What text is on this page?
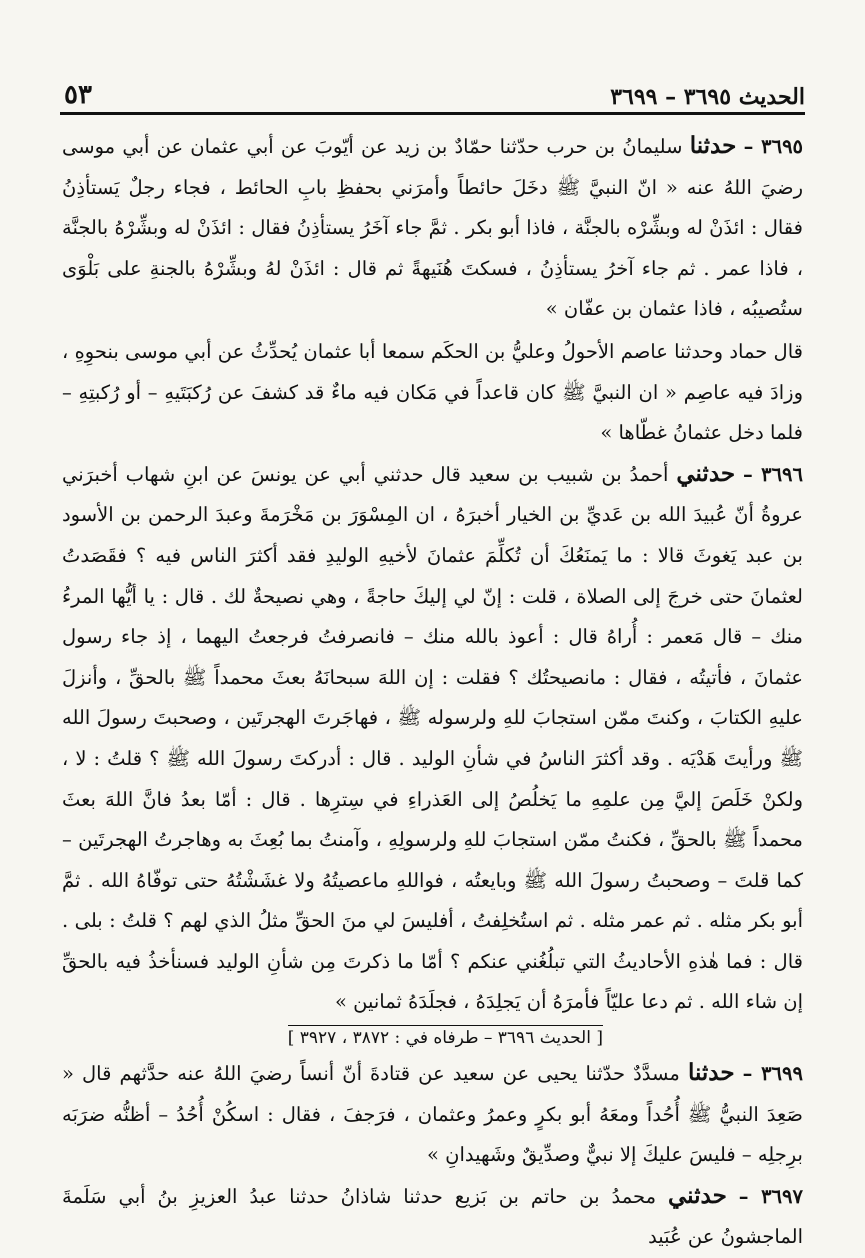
الحديث ٣٦٩٥ – ٣٦٩٩
٥٣

٣٦٩٥ – حدثنا سليمانُ بن حرب حدّثنا حمّادٌ بن زيد عن أيّوبَ عن أبي عثمان عن أبي موسى رضيَ اللهُ عنه « انّ النبيَّ ﷺ دخَلَ حائطاً وأمرَني بحفظِ بابِ الحائط ، فجاء رجلٌ يَستأذِنُ فقال : ائذَنْ له وبشِّرْه بالجنَّة ، فاذا أبو بكر . ثمَّ جاء آخَرُ يستأذِنُ فقال : ائذَنْ له وبشِّرْهُ بالجنَّة ، فاذا عمر . ثم جاء آخرُ يستأذِنُ ، فسكتَ هُنَيهةً ثم قال : ائذَنْ لهُ وبشِّرْهُ بالجنةِ على بَلْوَى ستُصيبُه ، فاذا عثمان بن عفّان »

قال حماد وحدثنا عاصم الأحولُ وعليُّ بن الحكَم سمعا أبا عثمان يُحدِّثُ عن أبي موسى بنحوِهِ ، وزادَ فيه عاصِم « ان النبيَّ ﷺ كان قاعداً في مَكان فيه ماءٌ قد كشفَ عن رُكبَتَيهِ – أو رُكبتِهِ – فلما دخل عثمانُ غطّاها »

٣٦٩٦ – حدثني أحمدُ بن شبيب بن سعيد قال حدثني أبي عن يونسَ عن ابنِ شهاب أخبرَني عروةُ أنّ عُبيدَ الله بن عَديِّ بن الخيار أخبرَهُ ، ان المِسْوَرَ بن مَخْرَمةَ وعبدَ الرحمن بن الأسود بن عبد يَغوثَ قالا : ما يَمنَعُكَ أن تُكلِّمَ عثمانَ لأخيهِ الوليدِ فقد أكثرَ الناس فيه ؟ فقَصَدتُ لعثمانَ حتى خرجَ إلى الصلاة ، قلت : إنّ لي إليكَ حاجةً ، وهي نصيحةٌ لك . قال : يا أيُّها المرءُ منك – قال مَعمر : أُراهُ قال : أعوذ بالله منك – فانصرفتُ فرجعتُ اليهما ، إذ جاء رسول عثمانَ ، فأتيتُه ، فقال : مانصيحتُك ؟ فقلت : إن اللهَ سبحانَهُ بعثَ محمداً ﷺ بالحقِّ ، وأنزلَ عليهِ الكتابَ ، وكنتَ ممّن استجابَ للهِ ولرسوله ﷺ ، فهاجَرتَ الهجرتَين ، وصحبتَ رسولَ الله ﷺ ورأيتَ هَدْيَه . وقد أكثرَ الناسُ في شأنِ الوليد . قال : أدركتَ رسولَ الله ﷺ ؟ قلتُ : لا ، ولكنْ خَلَصَ إليَّ مِن علمِهِ ما يَخلُصُ إلى العَذراءِ في سِترِها . قال : أمّا بعدُ فانَّ اللهَ بعثَ محمداً ﷺ بالحقِّ ، فكنتُ ممّن استجابَ للهِ ولرسولِهِ ، وآمنتُ بما بُعِثَ به وهاجرتُ الهجرتَين – كما قلتَ – وصحبتُ رسولَ الله ﷺ وبايعتُه ، فواللهِ ماعصيتُهُ ولا غشَشْتُهُ حتى توفّاهُ الله . ثمَّ أبو بكر مثله . ثم عمر مثله . ثم استُخلِفتُ ، أفليسَ لي منَ الحقِّ مثلُ الذي لهم ؟ قلتُ : بلى . قال : فما هٰذهِ الأحاديثُ التي تبلُغُني عنكم ؟ أمّا ما ذكرتَ مِن شأنِ الوليد فسنأخذُ فيه بالحقِّ إن شاء الله . ثم دعا عليّاً فأمرَهُ أن يَجلِدَهُ ، فجلَدَهُ ثمانين »

[ الحديث ٣٦٩٦ – طرفاه في : ٣٨٧٢ ، ٣٩٢٧ ]

٣٦٩٩ – حدثنا مسدَّدٌ حدّثنا يحيى عن سعيد عن قتادةَ أنّ أنساً رضيَ اللهُ عنه حدَّثهم قال « صَعِدَ النبيُّ ﷺ أُحُداً ومعَهُ أبو بكرٍ وعمرُ وعثمان ، فرَجفَ ، فقال : اسكُنْ أُحُدُ – أظنُّه ضرَبَه برِجلِه – فليسَ عليكَ إلا نبيٌّ وصدِّيقٌ وشَهيدانِ »

٣٦٩٧ – حدثني محمدُ بن حاتم بن بَزيع حدثنا شاذانُ حدثنا عبدُ العزيزِ بنُ أبي سَلَمةَ الماجشونُ عن عُبَيد
